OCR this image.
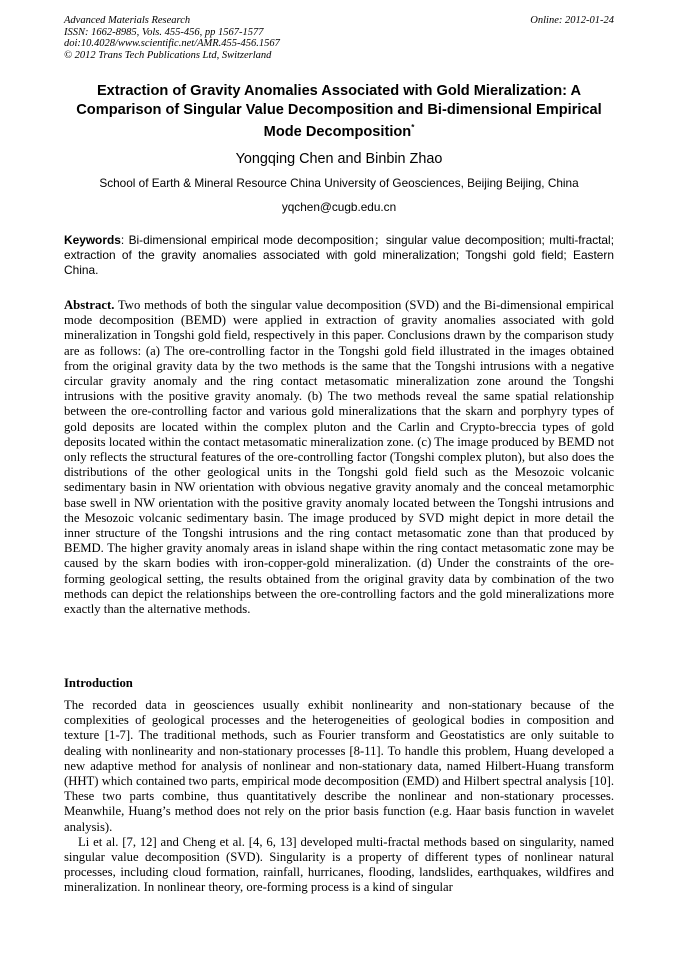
Advanced Materials Research
ISSN: 1662-8985, Vols. 455-456, pp 1567-1577
doi:10.4028/www.scientific.net/AMR.455-456.1567
© 2012 Trans Tech Publications Ltd, Switzerland
Online: 2012-01-24
Extraction of Gravity Anomalies Associated with Gold Mieralization: A Comparison of Singular Value Decomposition and Bi-dimensional Empirical Mode Decomposition*
Yongqing Chen and Binbin Zhao
School of Earth & Mineral Resource China University of Geosciences, Beijing Beijing, China
yqchen@cugb.edu.cn
Keywords: Bi-dimensional empirical mode decomposition；singular value decomposition; multi-fractal; extraction of the gravity anomalies associated with gold mineralization; Tongshi gold field; Eastern China.
Abstract. Two methods of both the singular value decomposition (SVD) and the Bi-dimensional empirical mode decomposition (BEMD) were applied in extraction of gravity anomalies associated with gold mineralization in Tongshi gold field, respectively in this paper. Conclusions drawn by the comparison study are as follows: (a) The ore-controlling factor in the Tongshi gold field illustrated in the images obtained from the original gravity data by the two methods is the same that the Tongshi intrusions with a negative circular gravity anomaly and the ring contact metasomatic mineralization zone around the Tongshi intrusions with the positive gravity anomaly. (b) The two methods reveal the same spatial relationship between the ore-controlling factor and various gold mineralizations that the skarn and porphyry types of gold deposits are located within the complex pluton and the Carlin and Crypto-breccia types of gold deposits located within the contact metasomatic mineralization zone. (c) The image produced by BEMD not only reflects the structural features of the ore-controlling factor (Tongshi complex pluton), but also does the distributions of the other geological units in the Tongshi gold field such as the Mesozoic volcanic sedimentary basin in NW orientation with obvious negative gravity anomaly and the conceal metamorphic base swell in NW orientation with the positive gravity anomaly located between the Tongshi intrusions and the Mesozoic volcanic sedimentary basin. The image produced by SVD might depict in more detail the inner structure of the Tongshi intrusions and the ring contact metasomatic zone than that produced by BEMD. The higher gravity anomaly areas in island shape within the ring contact metasomatic zone may be caused by the skarn bodies with iron-copper-gold mineralization. (d) Under the constraints of the ore-forming geological setting, the results obtained from the original gravity data by combination of the two methods can depict the relationships between the ore-controlling factors and the gold mineralizations more exactly than the alternative methods.
Introduction

The recorded data in geosciences usually exhibit nonlinearity and non-stationary because of the complexities of geological processes and the heterogeneities of geological bodies in composition and texture [1-7]. The traditional methods, such as Fourier transform and Geostatistics are only suitable to dealing with nonlinearity and non-stationary processes [8-11]. To handle this problem, Huang developed a new adaptive method for analysis of nonlinear and non-stationary data, named Hilbert-Huang transform (HHT) which contained two parts, empirical mode decomposition (EMD) and Hilbert spectral analysis [10]. These two parts combine, thus quantitatively describe the nonlinear and non-stationary processes. Meanwhile, Huang’s method does not rely on the prior basis function (e.g. Haar basis function in wavelet analysis).

Li et al. [7, 12] and Cheng et al. [4, 6, 13] developed multi-fractal methods based on singularity, named singular value decomposition (SVD). Singularity is a property of different types of nonlinear natural processes, including cloud formation, rainfall, hurricanes, flooding, landslides, earthquakes, wildfires and mineralization. In nonlinear theory, ore-forming process is a kind of singular
